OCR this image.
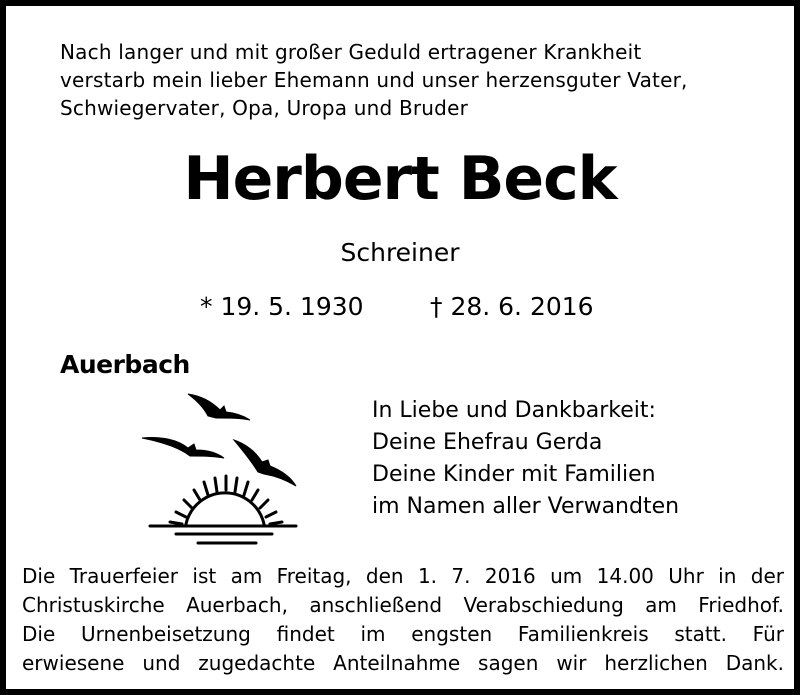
Nach langer und mit großer Geduld ertragener Krankheit
verstarb mein lieber Ehemann und unser herzensguter Vater,
Schwiegervater, Opa, Uropa und Bruder
Herbert Beck
Schreiner
* 19. 5. 1930	† 28. 6. 2016
Auerbach
In Liebe und Dankbarkeit:
Deine Ehefrau Gerda
Deine Kinder mit Familien
im Namen aller Verwandten
Die Trauerfeier ist am Freitag, den 1. 7. 2016 um 14.00 Uhr in der
Christuskirche Auerbach, anschließend Verabschiedung am Friedhof.
Die Urnenbeisetzung findet im engsten Familienkreis statt. Für
erwiesene und zugedachte Anteilnahme sagen wir herzlichen Dank.
